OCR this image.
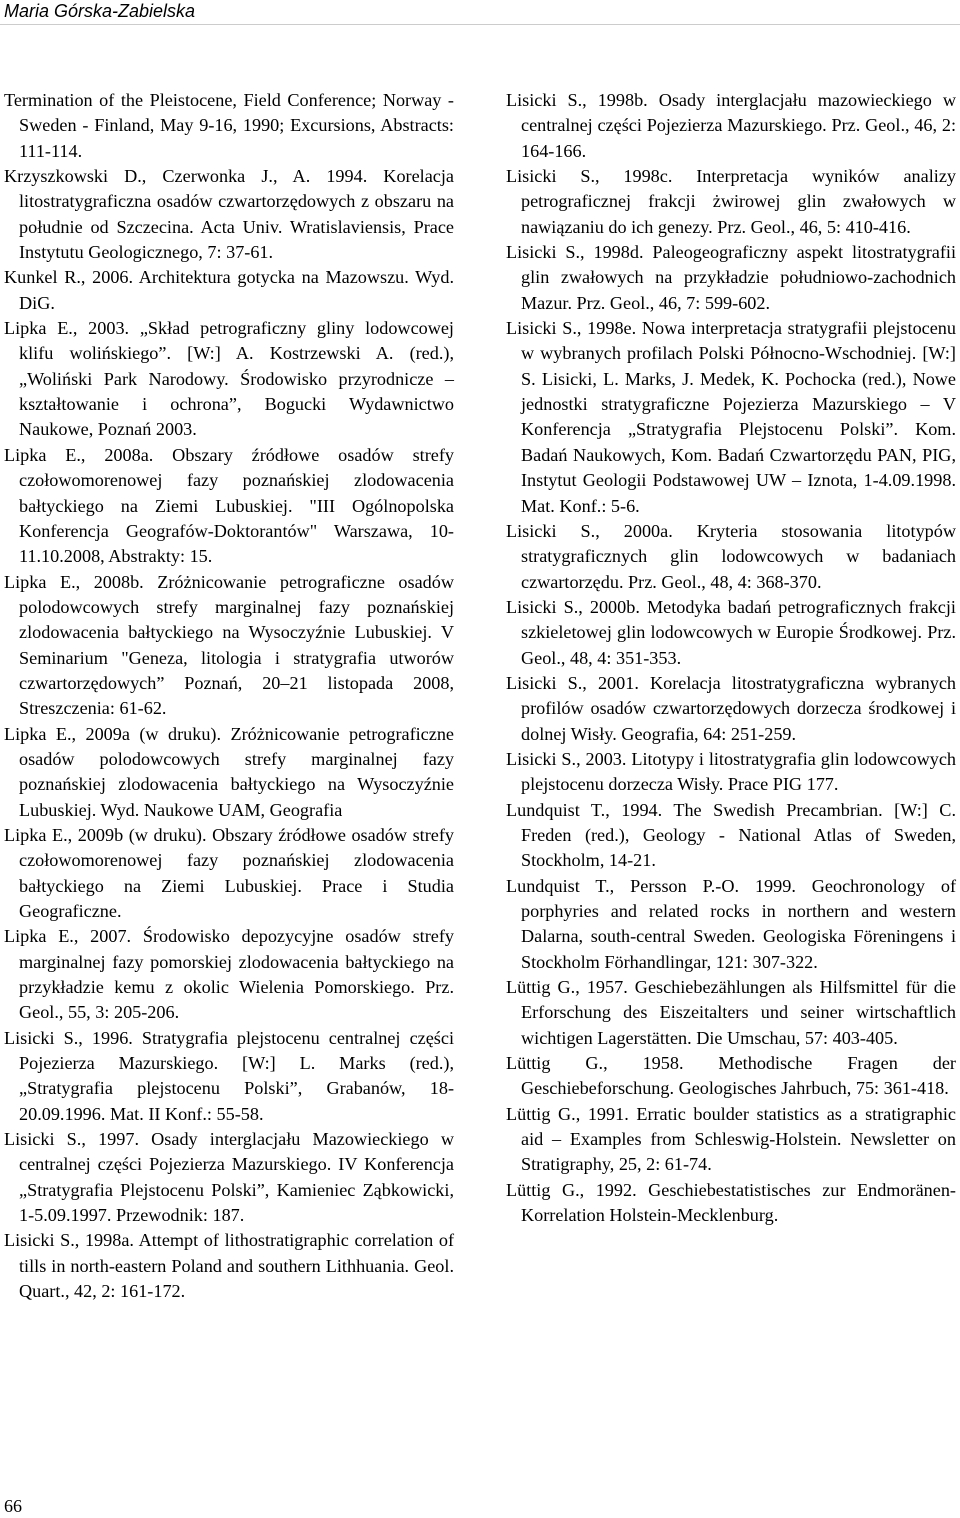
Maria Górska-Zabielska

Termination of the Pleistocene, Field Conference; Norway - Sweden - Finland, May 9-16, 1990; Excursions, Abstracts: 111-114.

Krzyszkowski D., Czerwonka J., A. 1994. Korelacja litostratygraficzna osadów czwartorzędowych z obszaru na południe od Szczecina. Acta Univ. Wratislaviensis, Prace Instytutu Geologicznego, 7: 37-61.

Kunkel R., 2006. Architektura gotycka na Mazowszu. Wyd. DiG.

Lipka E., 2003. „Skład petrograficzny gliny lodowcowej klifu wolińskiego”. [W:] A. Kostrzewski A. (red.), „Woliński Park Narodowy. Środowisko przyrodnicze – kształtowanie i ochrona”, Bogucki Wydawnictwo Naukowe, Poznań 2003.

Lipka E., 2008a. Obszary źródłowe osadów strefy czołowomorenowej fazy poznańskiej zlodowacenia bałtyckiego na Ziemi Lubuskiej. "III Ogólnopolska Konferencja Geografów-Doktorantów" Warszawa, 10-11.10.2008, Abstrakty: 15.

Lipka E., 2008b. Zróżnicowanie petrograficzne osadów polodowcowych strefy marginalnej fazy poznańskiej zlodowacenia bałtyckiego na Wysoczyźnie Lubuskiej. V Seminarium "Geneza, litologia i stratygrafia utworów czwartorzędowych” Poznań, 20–21 listopada 2008, Streszczenia: 61-62.

Lipka E., 2009a (w druku). Zróżnicowanie petrograficzne osadów polodowcowych strefy marginalnej fazy poznańskiej zlodowacenia bałtyckiego na Wysoczyźnie Lubuskiej. Wyd. Naukowe UAM, Geografia

Lipka E., 2009b (w druku). Obszary źródłowe osadów strefy czołowomorenowej fazy poznańskiej zlodowacenia bałtyckiego na Ziemi Lubuskiej. Prace i Studia Geograficzne.

Lipka E., 2007. Środowisko depozycyjne osadów strefy marginalnej fazy pomorskiej zlodowacenia bałtyckiego na przykładzie kemu z okolic Wielenia Pomorskiego. Prz. Geol., 55, 3: 205-206.

Lisicki S., 1996. Stratygrafia plejstocenu centralnej części Pojezierza Mazurskiego. [W:] L. Marks (red.), „Stratygrafia plejstocenu Polski”, Grabanów, 18-20.09.1996. Mat. II Konf.: 55-58.

Lisicki S., 1997. Osady interglacjału Mazowieckiego w centralnej części Pojezierza Mazurskiego. IV Konferencja „Stratygrafia Plejstocenu Polski”, Kamieniec Ząbkowicki, 1-5.09.1997. Przewodnik: 187.

Lisicki S., 1998a. Attempt of lithostratigraphic correlation of tills in north-eastern Poland and southern Lithhuania. Geol. Quart., 42, 2: 161-172.

Lisicki S., 1998b. Osady interglacjału mazowieckiego w centralnej części Pojezierza Mazurskiego. Prz. Geol., 46, 2: 164-166.

Lisicki S., 1998c. Interpretacja wyników analizy petrograficznej frakcji żwirowej glin zwałowych w nawiązaniu do ich genezy. Prz. Geol., 46, 5: 410-416.

Lisicki S., 1998d. Paleogeograficzny aspekt litostratygrafii glin zwałowych na przykładzie południowo-zachodnich Mazur. Prz. Geol., 46, 7: 599-602.

Lisicki S., 1998e. Nowa interpretacja stratygrafii plejstocenu w wybranych profilach Polski Północno-Wschodniej. [W:] S. Lisicki, L. Marks, J. Medek, K. Pochocka (red.), Nowe jednostki stratygraficzne Pojezierza Mazurskiego – V Konferencja „Stratygrafia Plejstocenu Polski”. Kom. Badań Naukowych, Kom. Badań Czwartorzędu PAN, PIG, Instytut Geologii Podstawowej UW – Iznota, 1-4.09.1998. Mat. Konf.: 5-6.

Lisicki S., 2000a. Kryteria stosowania litotypów stratygraficznych glin lodowcowych w badaniach czwartorzędu. Prz. Geol., 48, 4: 368-370.

Lisicki S., 2000b. Metodyka badań petrograficznych frakcji szkieletowej glin lodowcowych w Europie Środkowej. Prz. Geol., 48, 4: 351-353.

Lisicki S., 2001. Korelacja litostratygraficzna wybranych profilów osadów czwartorzędowych dorzecza środkowej i dolnej Wisły. Geografia, 64: 251-259.

Lisicki S., 2003. Litotypy i litostratygrafia glin lodowcowych plejstocenu dorzecza Wisły. Prace PIG 177.

Lundquist T., 1994. The Swedish Precambrian. [W:] C. Freden (red.), Geology - National Atlas of Sweden, Stockholm, 14-21.

Lundquist T., Persson P.-O. 1999. Geochronology of porphyries and related rocks in northern and western Dalarna, south-central Sweden. Geologiska Föreningens i Stockholm Förhandlingar, 121: 307-322.

Lüttig G., 1957. Geschiebezählungen als Hilfsmittel für die Erforschung des Eiszeitalters und seiner wirtschaftlich wichtigen Lagerstätten. Die Umschau, 57: 403-405.

Lüttig G., 1958. Methodische Fragen der Geschiebeforschung. Geologisches Jahrbuch, 75: 361-418.

Lüttig G., 1991. Erratic boulder statistics as a stratigraphic aid – Examples from Schleswig-Holstein. Newsletter on Stratigraphy, 25, 2: 61-74.

Lüttig G., 1992. Geschiebestatistisches zur Endmoränen-Korrelation Holstein-Mecklenburg.

66
